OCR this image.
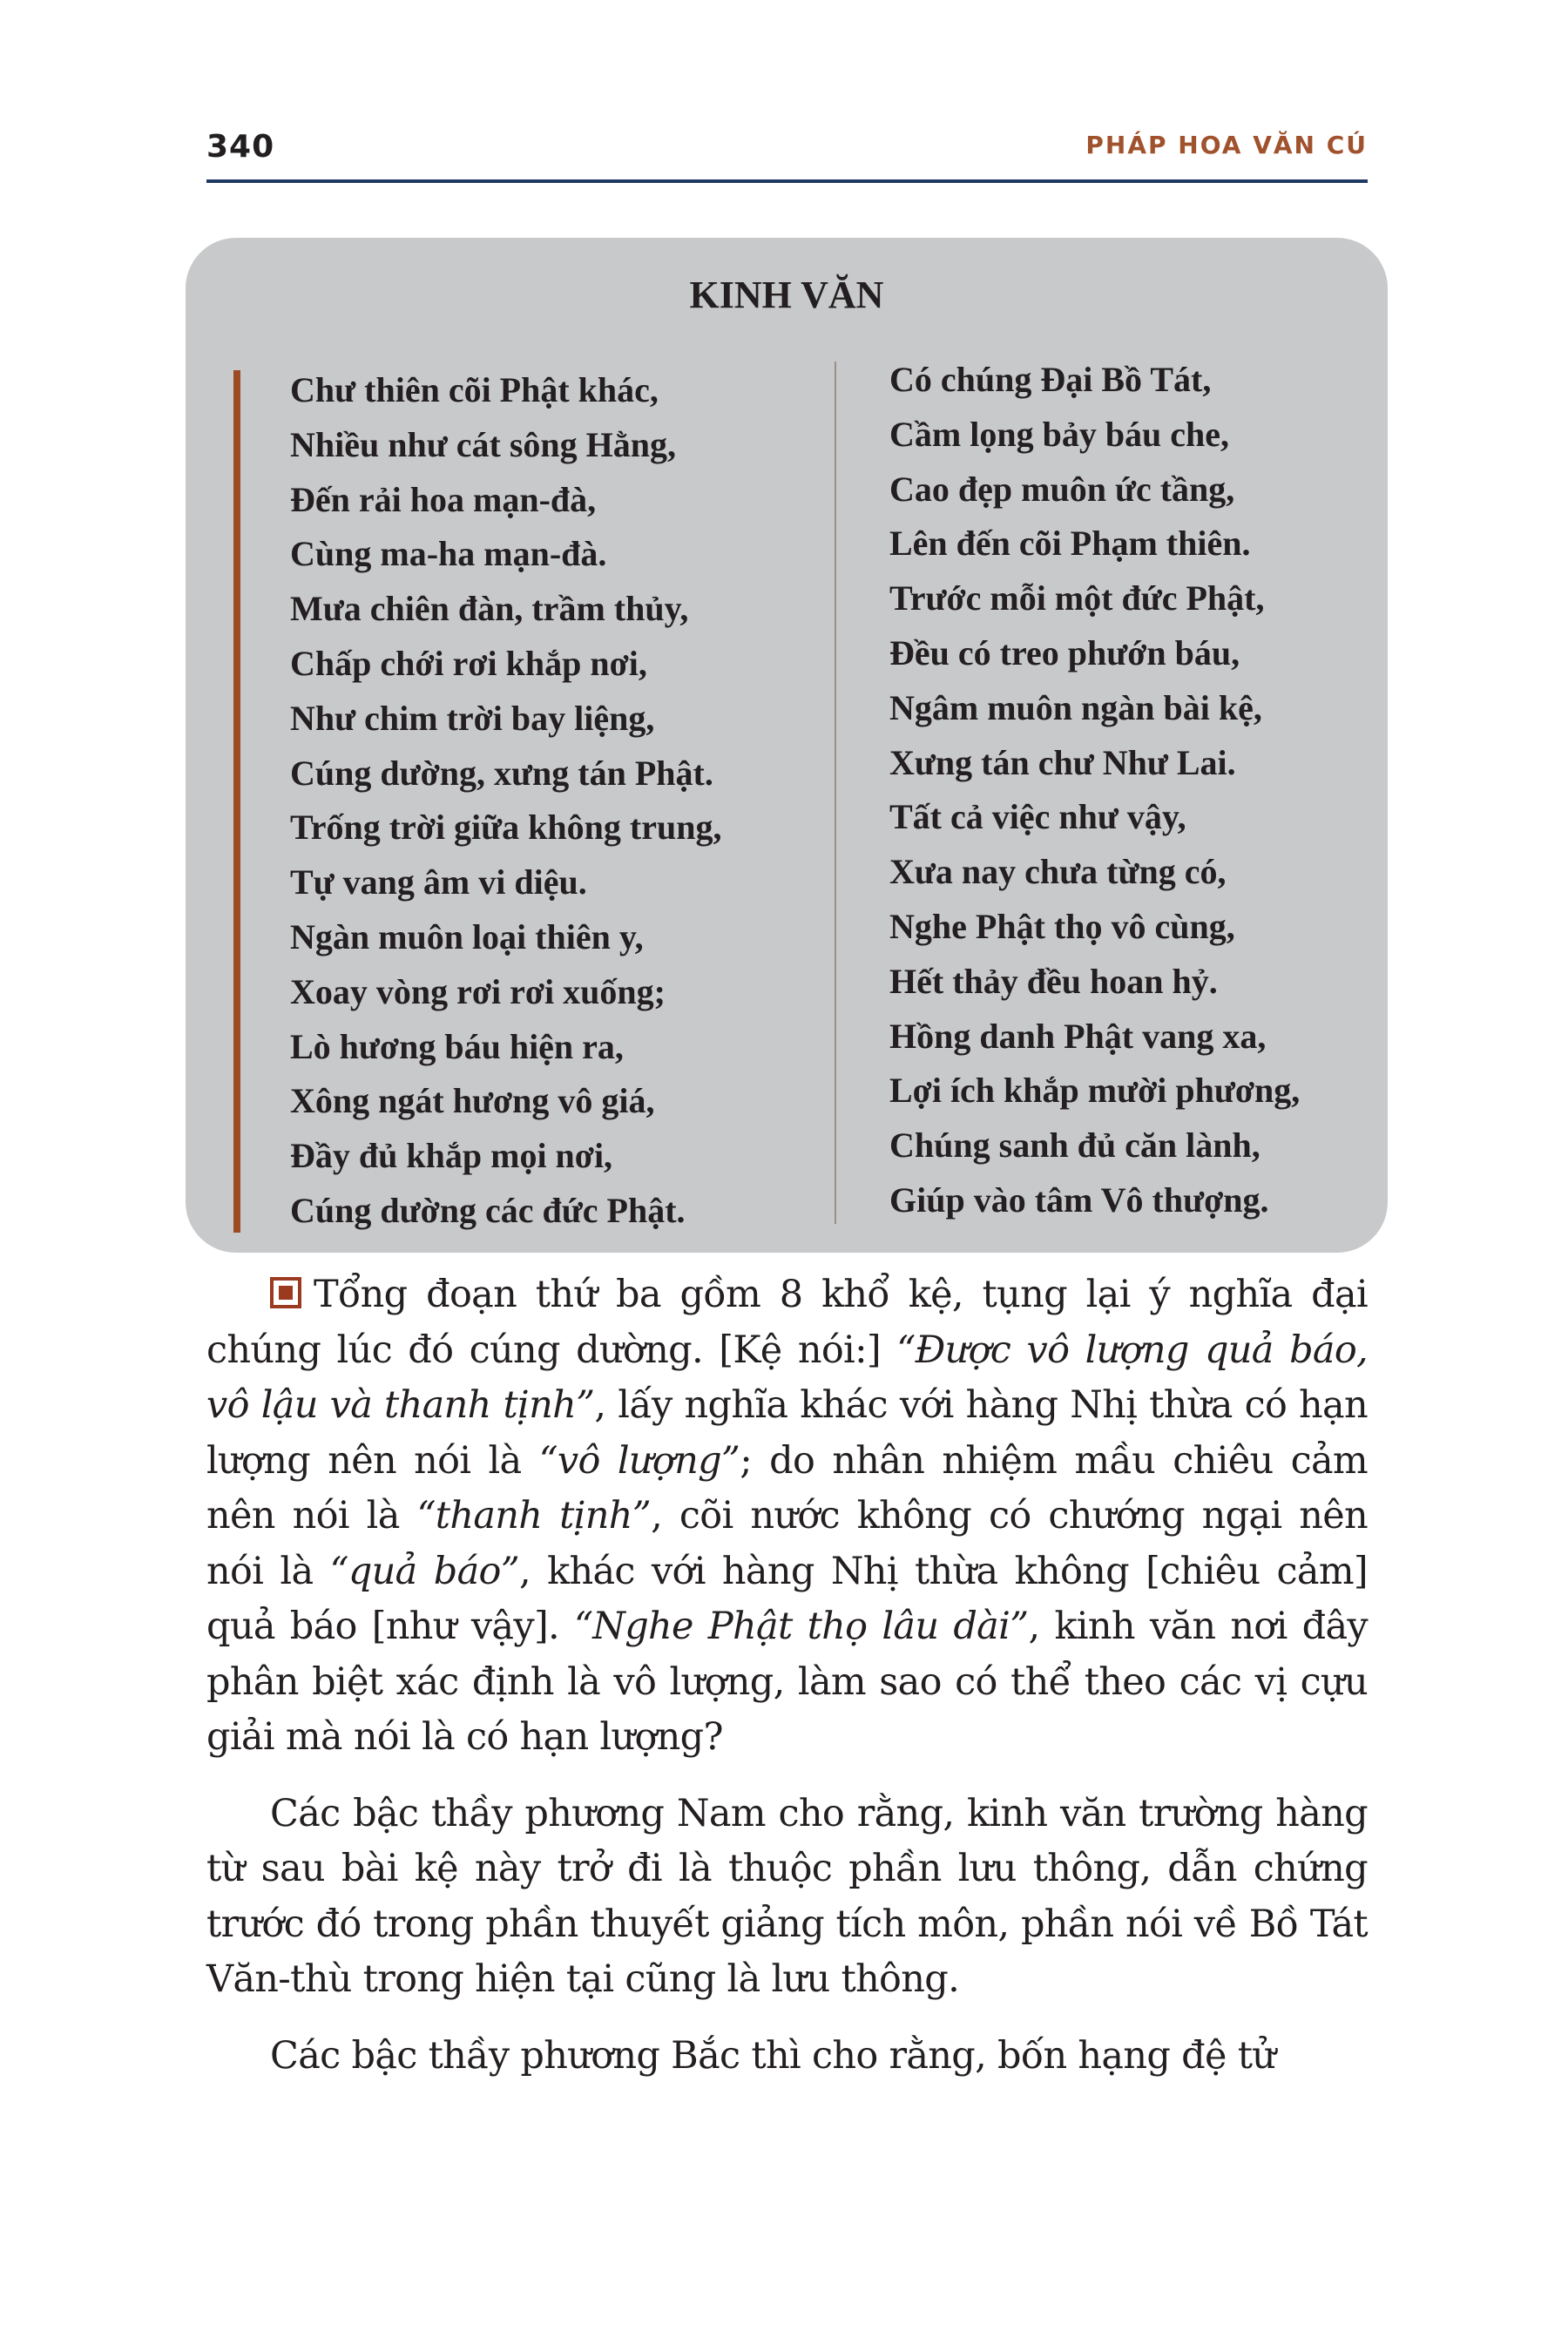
340	PHÁP HOA VĂN CÚ
KINH VĂN
Chư thiên cõi Phật khác,
Nhiều như cát sông Hằng,
Đến rải hoa mạn-đà,
Cùng ma-ha mạn-đà.
Mưa chiên đàn, trầm thủy,
Chấp chới rơi khắp nơi,
Như chim trời bay liệng,
Cúng dường, xưng tán Phật.
Trống trời giữa không trung,
Tự vang âm vi diệu.
Ngàn muôn loại thiên y,
Xoay vòng rơi rơi xuống;
Lò hương báu hiện ra,
Xông ngát hương vô giá,
Đầy đủ khắp mọi nơi,
Cúng dường các đức Phật.
Có chúng Đại Bồ Tát,
Cầm lọng bảy báu che,
Cao đẹp muôn ức tầng,
Lên đến cõi Phạm thiên.
Trước mỗi một đức Phật,
Đều có treo phướn báu,
Ngâm muôn ngàn bài kệ,
Xưng tán chư Như Lai.
Tất cả việc như vậy,
Xưa nay chưa từng có,
Nghe Phật thọ vô cùng,
Hết thảy đều hoan hỷ.
Hồng danh Phật vang xa,
Lợi ích khắp mười phương,
Chúng sanh đủ căn lành,
Giúp vào tâm Vô thượng.

Tổng đoạn thứ ba gồm 8 khổ kệ, tụng lại ý nghĩa đại chúng lúc đó cúng dường. [Kệ nói:] “Được vô lượng quả báo, vô lậu và thanh tịnh”, lấy nghĩa khác với hàng Nhị thừa có hạn lượng nên nói là “vô lượng”; do nhân nhiệm mầu chiêu cảm nên nói là “thanh tịnh”, cõi nước không có chướng ngại nên nói là “quả báo”, khác với hàng Nhị thừa không [chiêu cảm] quả báo [như vậy]. “Nghe Phật thọ lâu dài”, kinh văn nơi đây phân biệt xác định là vô lượng, làm sao có thể theo các vị cựu giải mà nói là có hạn lượng?

Các bậc thầy phương Nam cho rằng, kinh văn trường hàng từ sau bài kệ này trở đi là thuộc phần lưu thông, dẫn chứng trước đó trong phần thuyết giảng tích môn, phần nói về Bồ Tát Văn-thù trong hiện tại cũng là lưu thông.

Các bậc thầy phương Bắc thì cho rằng, bốn hạng đệ tử
